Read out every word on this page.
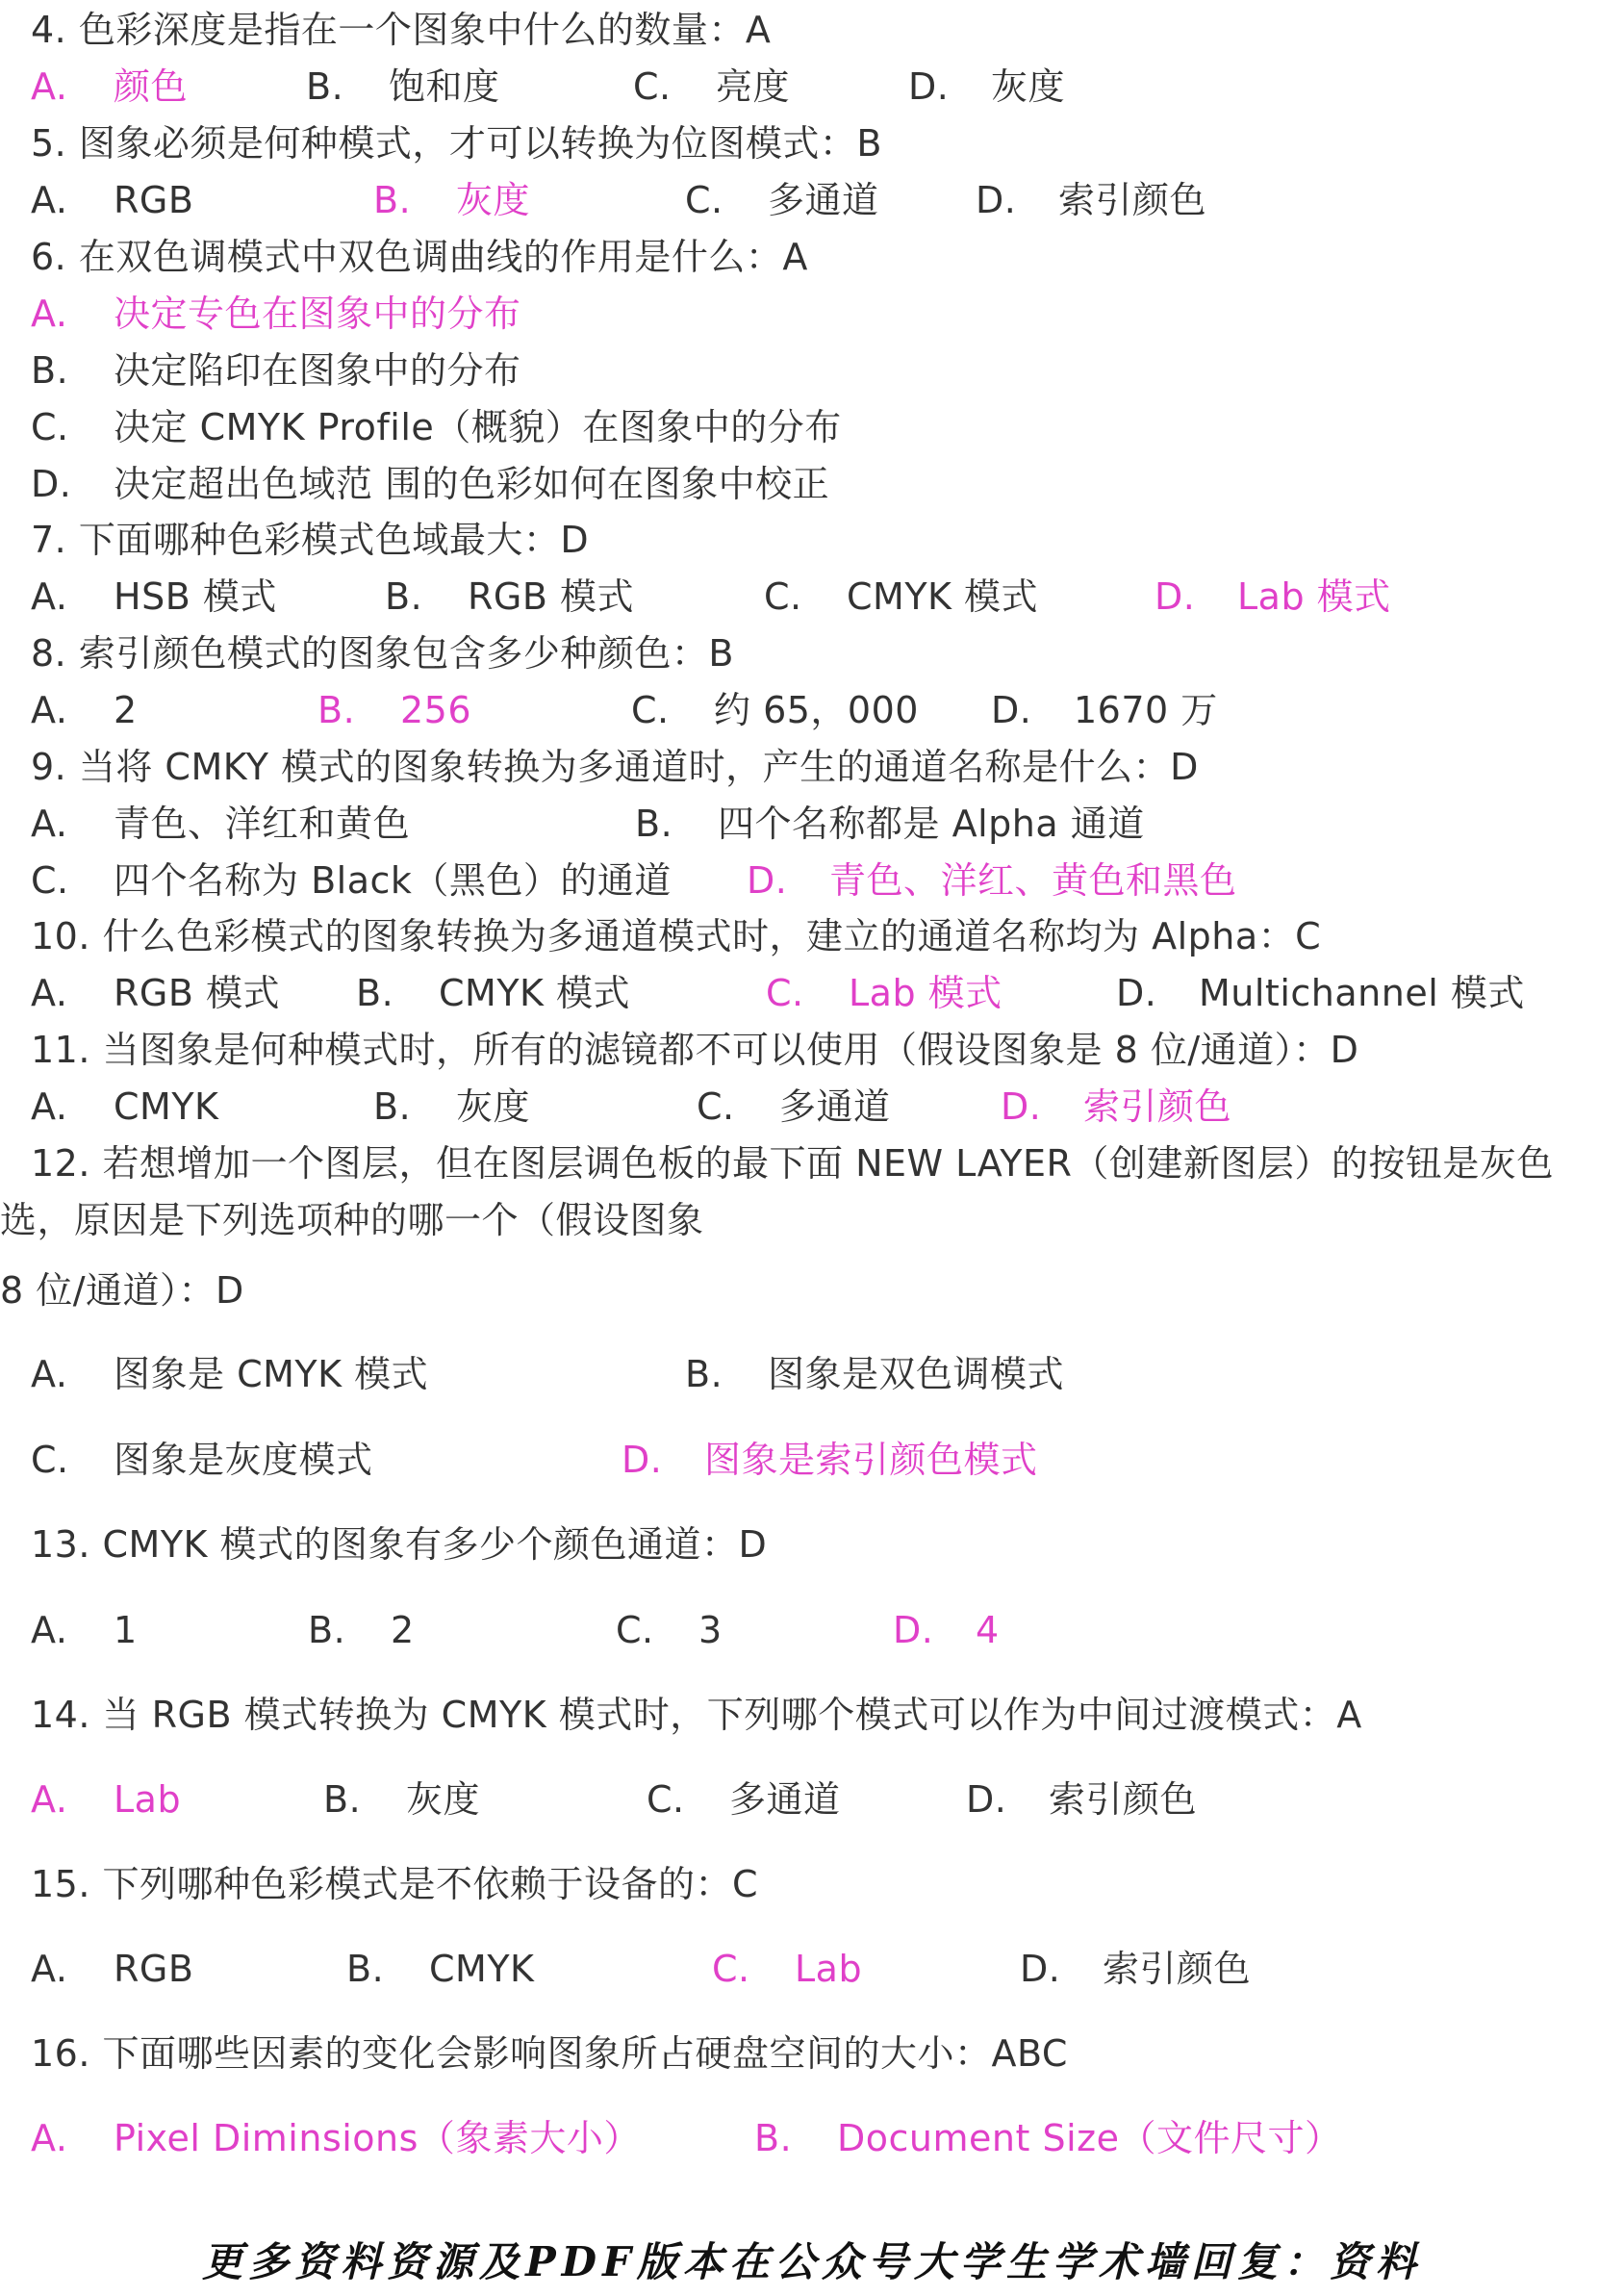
4. 色彩深度是指在一个图象中什么的数量：A
5. 图象必须是何种模式，才可以转换为位图模式：B
6. 在双色调模式中双色调曲线的作用是什么：A
7. 下面哪种色彩模式色域最大：D
8. 索引颜色模式的图象包含多少种颜色：B
9. 当将 CMKY 模式的图象转换为多通道时，产生的通道名称是什么：D
10. 什么色彩模式的图象转换为多通道模式时，建立的通道名称均为 Alpha：C
11. 当图象是何种模式时，所有的滤镜都不可以使用（假设图象是 8 位/通道）：D
12. 若想增加一个图层，但在图层调色板的最下面 NEW LAYER（创建新图层）的按钮是灰色
选，原因是下列选项种的哪一个（假设图象
8 位/通道）：D
13. CMYK 模式的图象有多少个颜色通道：D
14. 当 RGB 模式转换为 CMYK 模式时，下列哪个模式可以作为中间过渡模式：A
15. 下列哪种色彩模式是不依赖于设备的：C
16. 下面哪些因素的变化会影响图象所占硬盘空间的大小：ABC
A. 颜色	B. 饱和度	C. 亮度	D. 灰度
A. RGB	B. 灰度	C. 多通道	D. 索引颜色
A. 决定专色在图象中的分布
B. 决定陷印在图象中的分布
C. 决定 CMYK Profile（概貌）在图象中的分布
D. 决定超出色域范 围的色彩如何在图象中校正
A. HSB 模式	B. RGB 模式	C. CMYK 模式	D. Lab 模式
A. 2	B. 256	C. 约 65，000 D. 1670 万
A. 青色、洋红和黄色	B. 四个名称都是 Alpha 通道
C. 四个名称为 Black（黑色）的通道 D. 青色、洋红、黄色和黑色
A. RGB 模式 B. CMYK 模式	C. Lab 模式	D. Multichannel 模式
A. CMYK	B. 灰度	C. 多通道	D. 索引颜色
A. 图象是 CMYK 模式	B. 图象是双色调模式
C. 图象是灰度模式	D. 图象是索引颜色模式
A. 1	B. 2	C. 3	D. 4
A. Lab	B. 灰度	C. 多通道	D. 索引颜色
A. RGB	B. CMYK	C. Lab	D. 索引颜色
A. Pixel Diminsions（象素大小）	B. Document Size（文件尺寸）
更多资料资源及PDF版本在公众号大学生学术墙回复：资料
